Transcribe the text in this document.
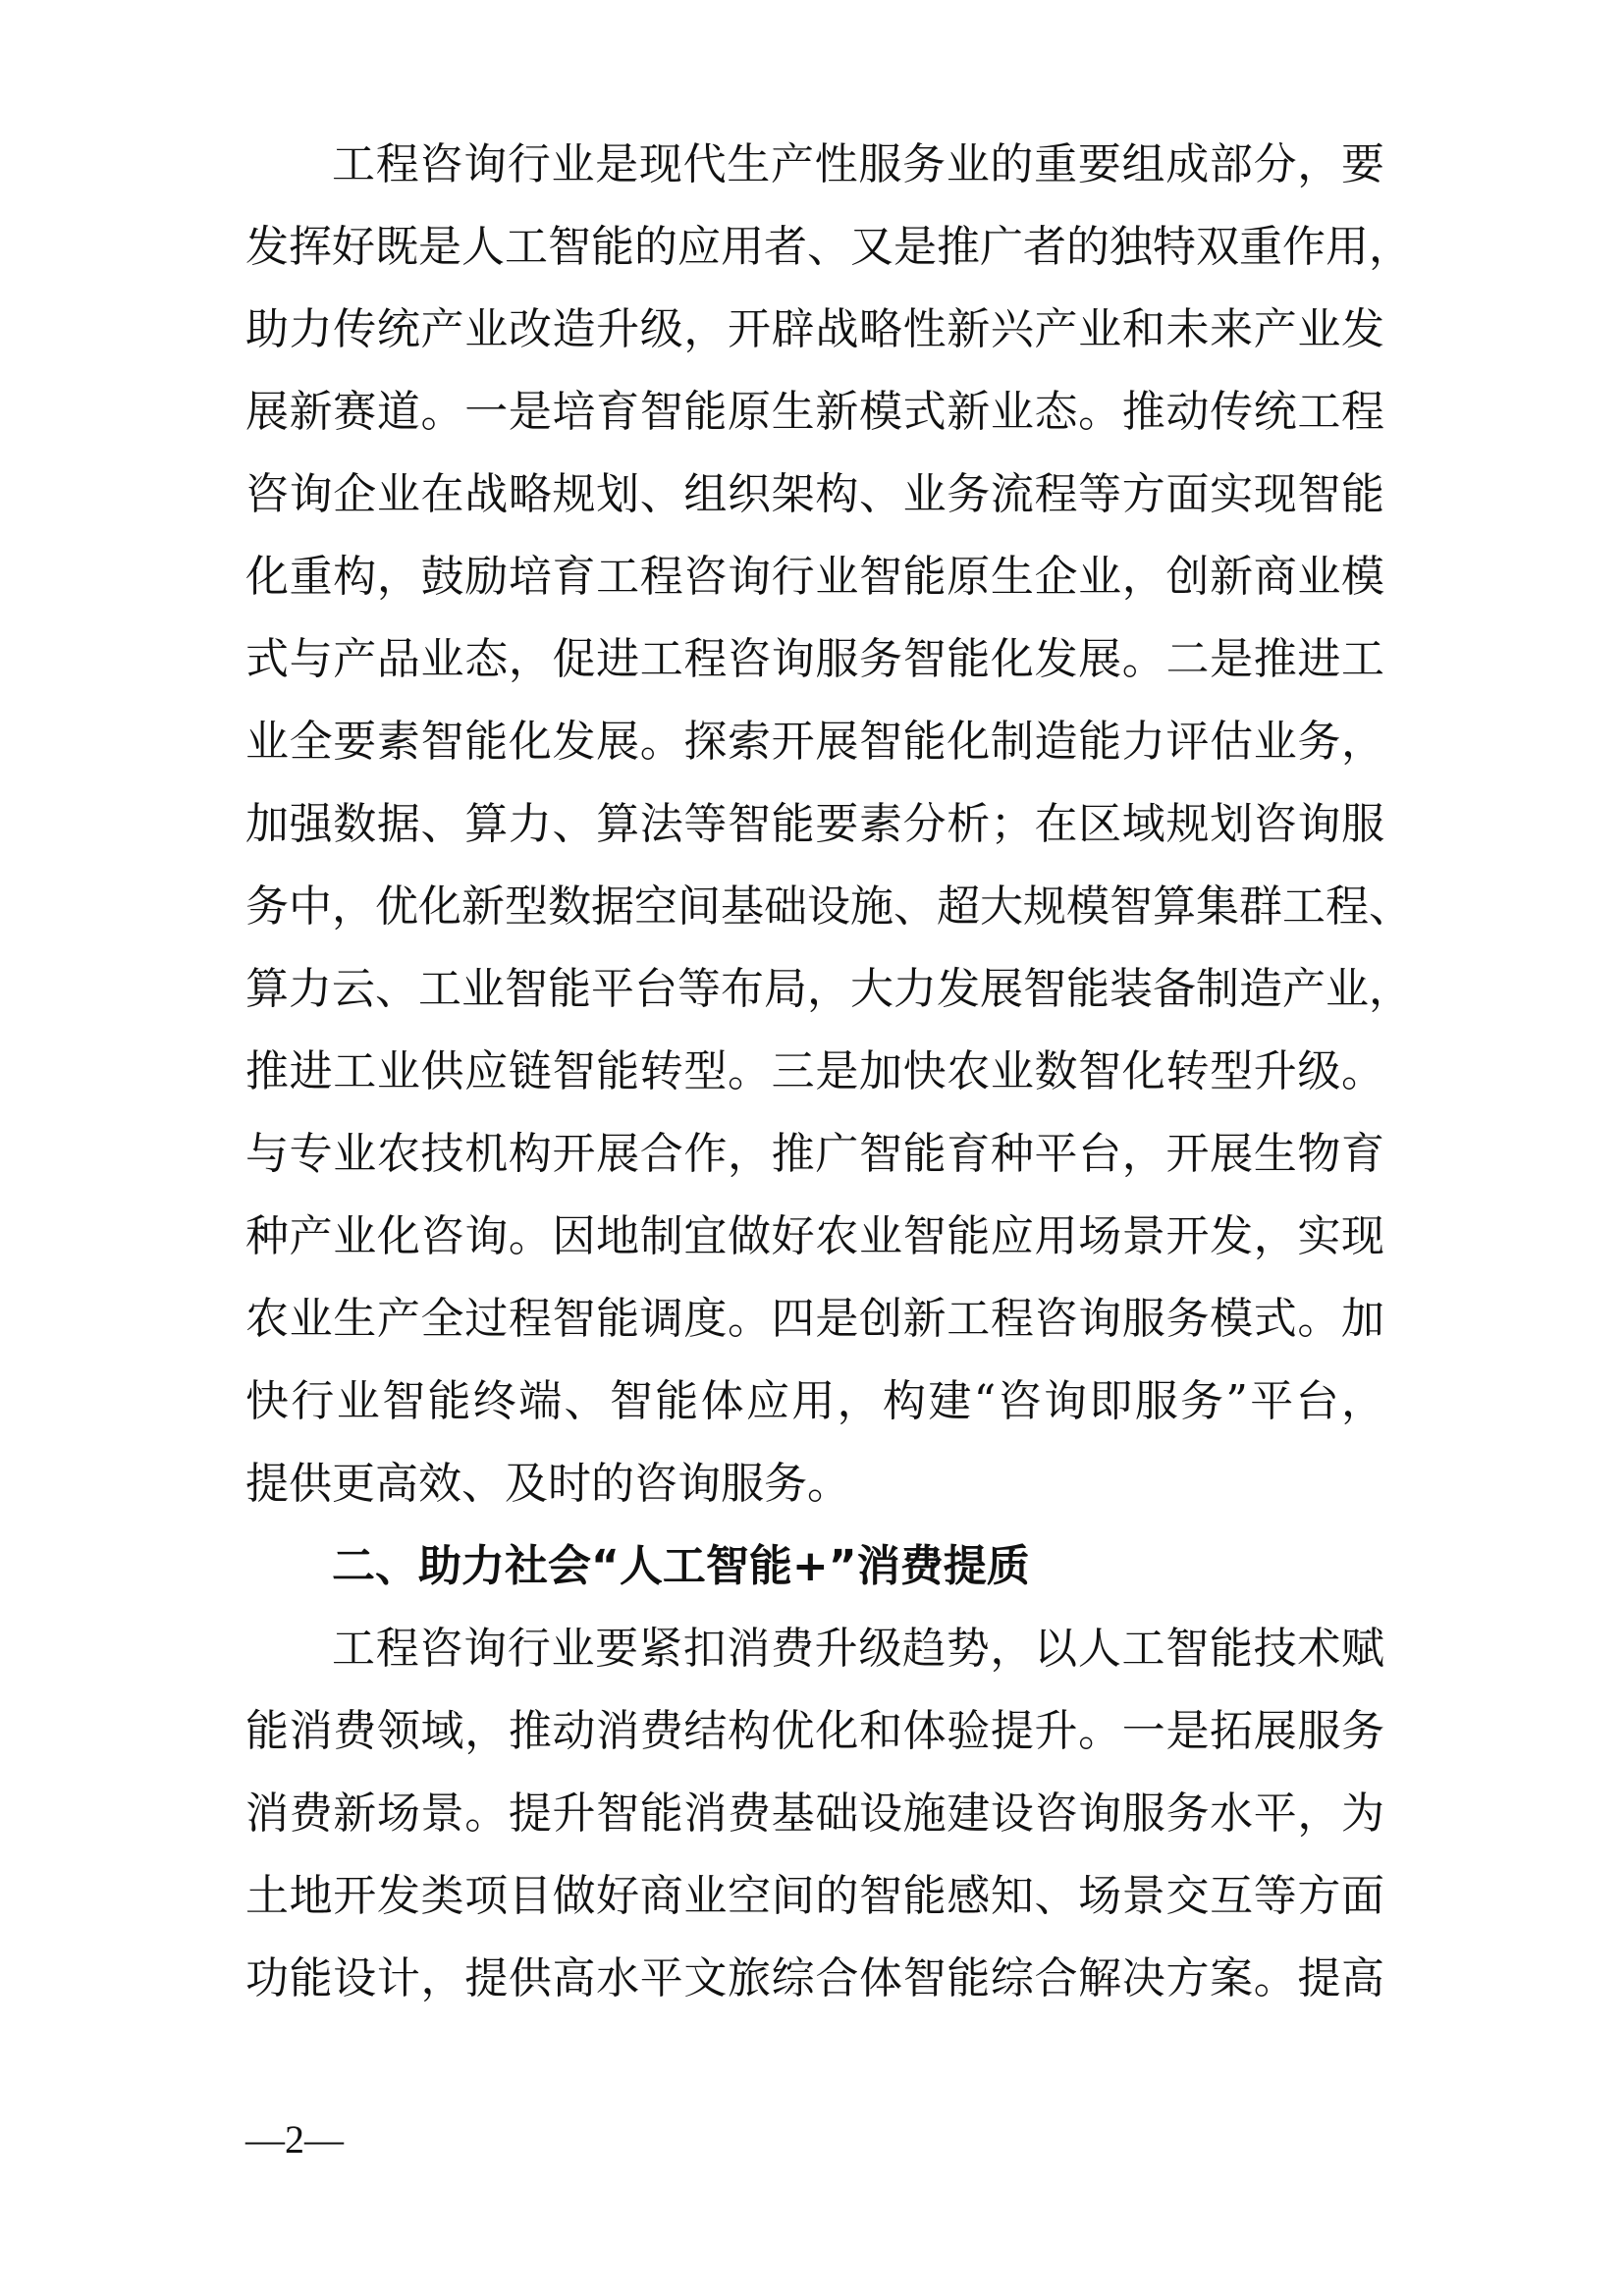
工程咨询行业是现代生产性服务业的重要组成部分，要
发挥好既是人工智能的应用者、又是推广者的独特双重作用，
助力传统产业改造升级，开辟战略性新兴产业和未来产业发
展新赛道。一是培育智能原生新模式新业态。推动传统工程
咨询企业在战略规划、组织架构、业务流程等方面实现智能
化重构，鼓励培育工程咨询行业智能原生企业，创新商业模
式与产品业态，促进工程咨询服务智能化发展。二是推进工
业全要素智能化发展。探索开展智能化制造能力评估业务，
加强数据、算力、算法等智能要素分析；在区域规划咨询服
务中，优化新型数据空间基础设施、超大规模智算集群工程、
算力云、工业智能平台等布局，大力发展智能装备制造产业，
推进工业供应链智能转型。三是加快农业数智化转型升级。
与专业农技机构开展合作，推广智能育种平台，开展生物育
种产业化咨询。因地制宜做好农业智能应用场景开发，实现
农业生产全过程智能调度。四是创新工程咨询服务模式。加
快行业智能终端、智能体应用，构建“咨询即服务”平台，
提供更高效、及时的咨询服务。
二、助力社会“人工智能+”消费提质
工程咨询行业要紧扣消费升级趋势，以人工智能技术赋
能消费领域，推动消费结构优化和体验提升。一是拓展服务
消费新场景。提升智能消费基础设施建设咨询服务水平，为
土地开发类项目做好商业空间的智能感知、场景交互等方面
功能设计，提供高水平文旅综合体智能综合解决方案。提高
—2—
